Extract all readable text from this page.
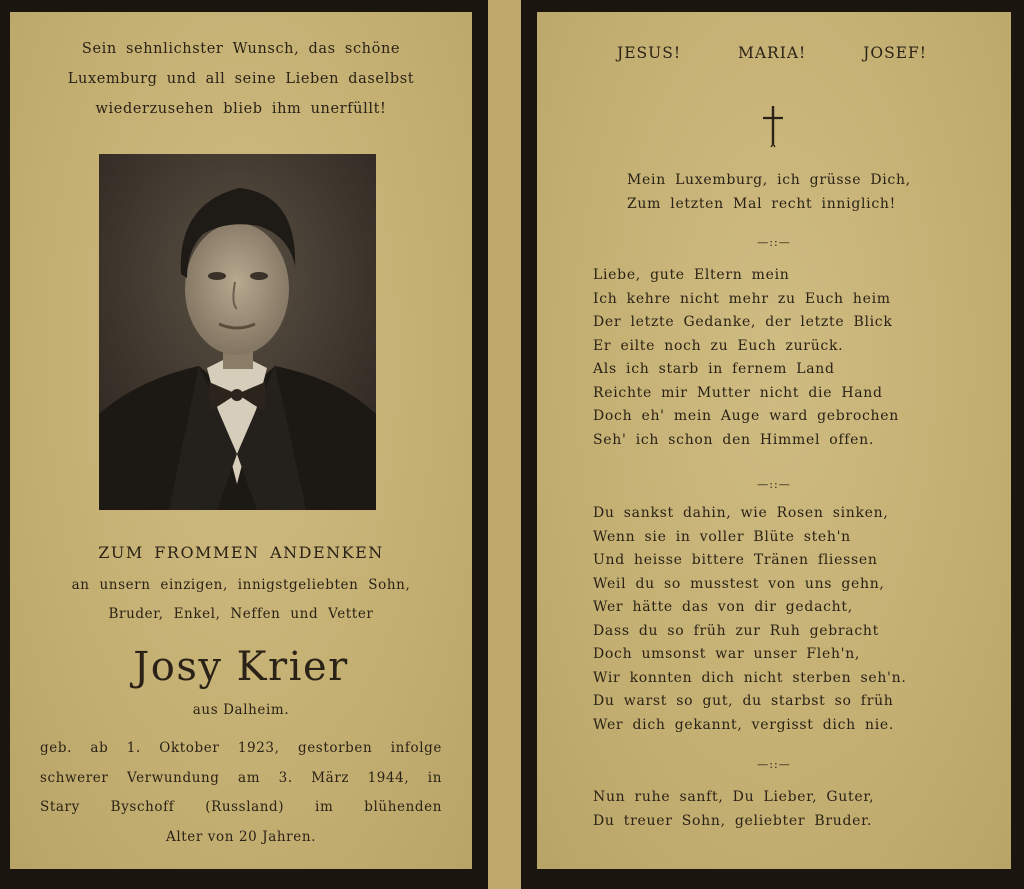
Sein sehnlichster Wunsch, das schöne
Luxemburg und all seine Lieben daselbst
wiederzusehen blieb ihm unerfüllt!
ZUM FROMMEN ANDENKEN
an unsern einzigen, innigstgeliebten Sohn,
Bruder, Enkel, Neffen und Vetter
Josy Krier
aus Dalheim.
geb. ab 1. Oktober 1923, gestorben infolge
schwerer Verwundung am 3. März 1944, in
Stary Byschoff (Russland) im blühenden
Alter von 20 Jahren.
JESUS!	MARIA!	JOSEF!
Mein Luxemburg, ich grüsse Dich,
Zum letzten Mal recht inniglich!
—::—
Liebe, gute Eltern mein
Ich kehre nicht mehr zu Euch heim
Der letzte Gedanke, der letzte Blick
Er eilte noch zu Euch zurück.
Als ich starb in fernem Land
Reichte mir Mutter nicht die Hand
Doch eh' mein Auge ward gebrochen
Seh' ich schon den Himmel offen.
—::—
Du sankst dahin, wie Rosen sinken,
Wenn sie in voller Blüte steh'n
Und heisse bittere Tränen fliessen
Weil du so musstest von uns gehn,
Wer hätte das von dir gedacht,
Dass du so früh zur Ruh gebracht
Doch umsonst war unser Fleh'n,
Wir konnten dich nicht sterben seh'n.
Du warst so gut, du starbst so früh
Wer dich gekannt, vergisst dich nie.
—::—
Nun ruhe sanft, Du Lieber, Guter,
Du treuer Sohn, geliebter Bruder.
